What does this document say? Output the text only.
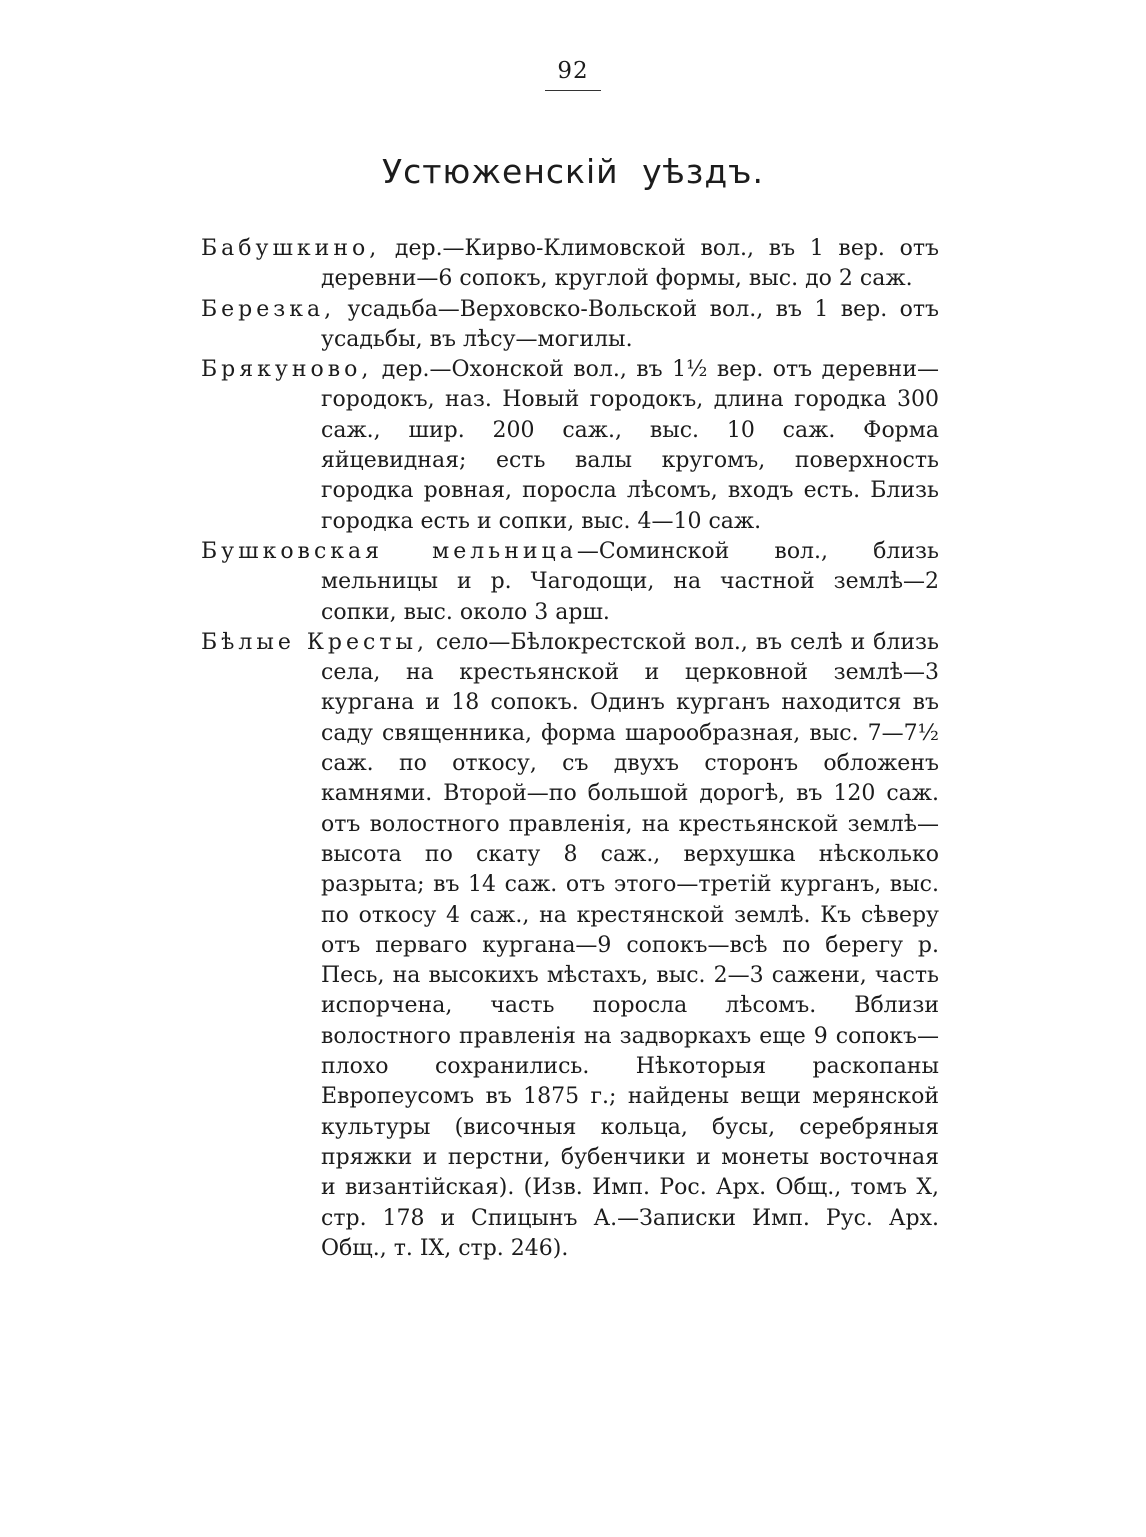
92
Устюженскій уѣздъ.

Бабушкино, дер.—Кирво-Климовской вол., въ 1 вер. отъ деревни—6 сопокъ, круглой формы, выс. до 2 саж.

Березка, усадьба—Верховско-Вольской вол., въ 1 вер. отъ усадьбы, въ лѣсу—могилы.

Брякуново, дер.—Охонской вол., въ 1½ вер. отъ деревни—городокъ, наз. Новый городокъ, длина городка 300 саж., шир. 200 саж., выс. 10 саж. Форма яйцевидная; есть валы кругомъ, поверхность городка ровная, поросла лѣсомъ, входъ есть. Близь городка есть и сопки, выс. 4—10 саж.

Бушковская мельница—Соминской вол., близь мельницы и р. Чагодощи, на частной землѣ—2 сопки, выс. около 3 арш.

Бѣлые Кресты, село—Бѣлокрестской вол., въ селѣ и близь села, на крестьянской и церковной землѣ—3 кургана и 18 сопокъ. Одинъ курганъ находится въ саду священника, форма шарообразная, выс. 7—7½ саж. по откосу, съ двухъ сторонъ обложенъ камнями. Второй—по большой дорогѣ, въ 120 саж. отъ волостного правленія, на крестьянской землѣ—высота по скату 8 саж., верхушка нѣсколько разрыта; въ 14 саж. отъ этого—третій курганъ, выс. по откосу 4 саж., на крестянской землѣ. Къ сѣверу отъ перваго кургана—9 сопокъ—всѣ по берегу р. Песь, на высокихъ мѣстахъ, выс. 2—3 сажени, часть испорчена, часть поросла лѣсомъ. Вблизи волостного правленія на задворкахъ еще 9 сопокъ—плохо сохранились. Нѣкоторыя раскопаны Европеусомъ въ 1875 г.; найдены вещи мерянской культуры (височныя кольца, бусы, серебряныя пряжки и перстни, бубенчики и монеты восточная и византійская). (Изв. Имп. Рос. Арх. Общ., томъ X, стр. 178 и Спицынъ А.—Записки Имп. Рус. Арх. Общ., т. IX, стр. 246).
